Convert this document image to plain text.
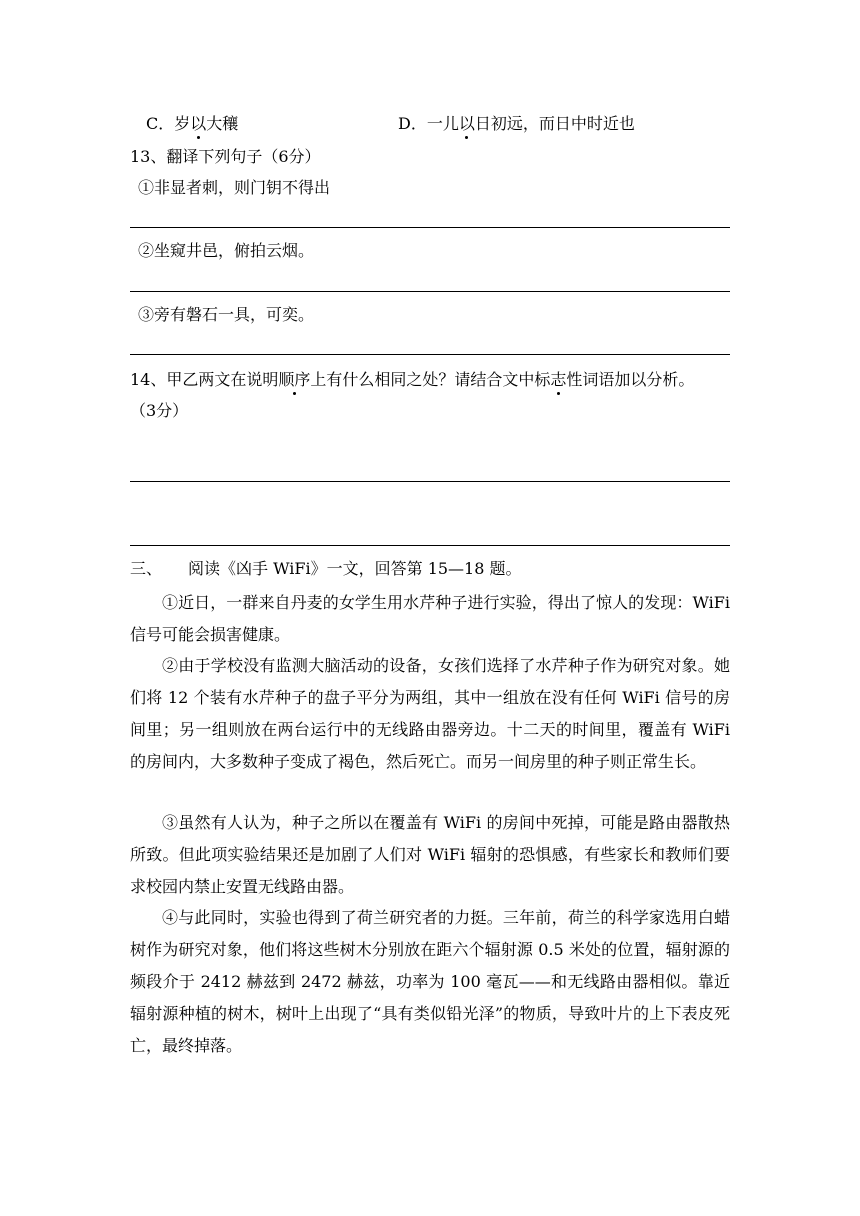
C．岁以大穰	D．一儿以日初远，而日中时近也
13、翻译下列句子（6分）
①非显者刺，则门钥不得出
②坐窥井邑，俯拍云烟。
③旁有磐石一具，可奕。
14、甲乙两文在说明顺序上有什么相同之处？请结合文中标志性词语加以分析。
（3分）
三、 阅读《凶手 WiFi》一文，回答第 15—18 题。
①近日，一群来自丹麦的女学生用水芹种子进行实验，得出了惊人的发现：WiFi信号可能会损害健康。
②由于学校没有监测大脑活动的设备，女孩们选择了水芹种子作为研究对象。她们将 12 个装有水芹种子的盘子平分为两组，其中一组放在没有任何 WiFi 信号的房间里；另一组则放在两台运行中的无线路由器旁边。十二天的时间里，覆盖有 WiFi 的房间内，大多数种子变成了褐色，然后死亡。而另一间房里的种子则正常生长。
③虽然有人认为，种子之所以在覆盖有 WiFi 的房间中死掉，可能是路由器散热所致。但此项实验结果还是加剧了人们对 WiFi 辐射的恐惧感，有些家长和教师们要求校园内禁止安置无线路由器。
④与此同时，实验也得到了荷兰研究者的力挺。三年前，荷兰的科学家选用白蜡树作为研究对象，他们将这些树木分别放在距六个辐射源 0.5 米处的位置，辐射源的频段介于 2412 赫兹到 2472 赫兹，功率为 100 毫瓦——和无线路由器相似。靠近辐射源种植的树木，树叶上出现了“具有类似铅光泽”的物质，导致叶片的上下表皮死亡，最终掉落。
